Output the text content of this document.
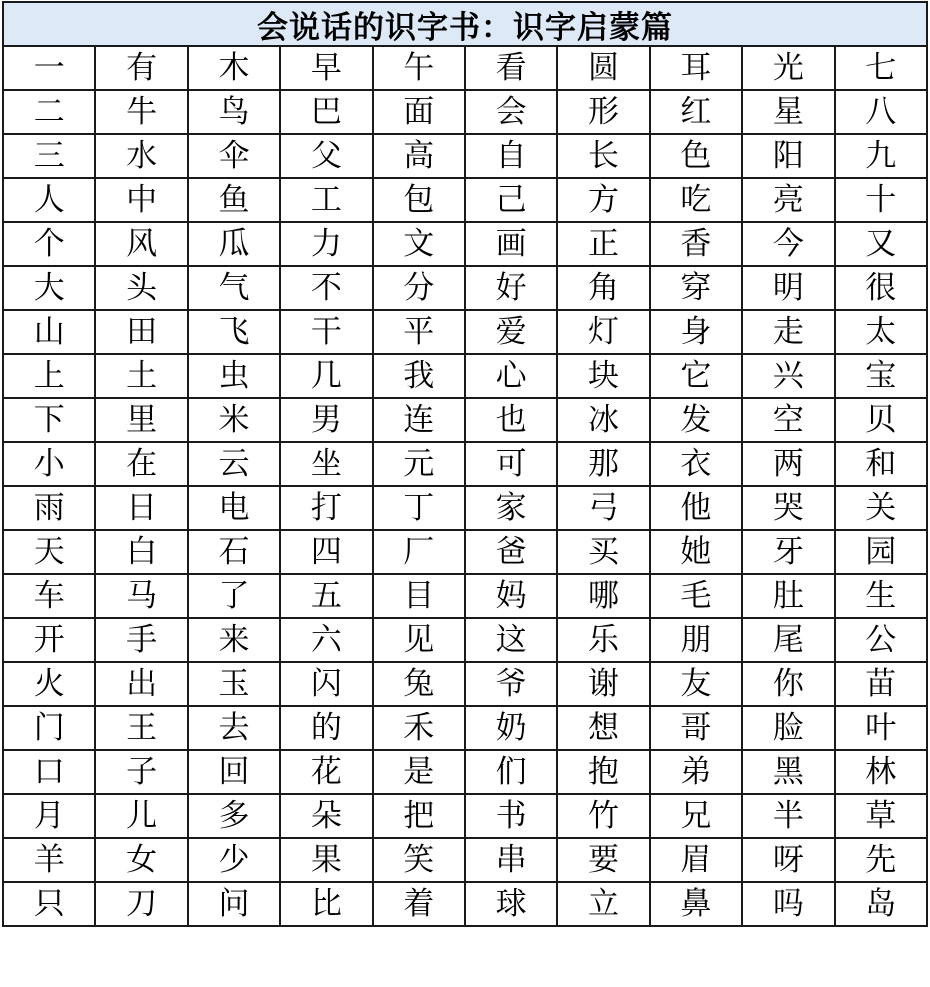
会说话的识字书：识字启蒙篇
一	有	木	早	午	看	圆	耳	光	七
二	牛	鸟	巴	面	会	形	红	星	八
三	水	伞	父	高	自	长	色	阳	九
人	中	鱼	工	包	己	方	吃	亮	十
个	风	瓜	力	文	画	正	香	今	又
大	头	气	不	分	好	角	穿	明	很
山	田	飞	干	平	爱	灯	身	走	太
上	土	虫	几	我	心	块	它	兴	宝
下	里	米	男	连	也	冰	发	空	贝
小	在	云	坐	元	可	那	衣	两	和
雨	日	电	打	丁	家	弓	他	哭	关
天	白	石	四	厂	爸	买	她	牙	园
车	马	了	五	目	妈	哪	毛	肚	生
开	手	来	六	见	这	乐	朋	尾	公
火	出	玉	闪	兔	爷	谢	友	你	苗
门	王	去	的	禾	奶	想	哥	脸	叶
口	子	回	花	是	们	抱	弟	黑	林
月	儿	多	朵	把	书	竹	兄	半	草
羊	女	少	果	笑	串	要	眉	呀	先
只	刀	问	比	着	球	立	鼻	吗	岛
